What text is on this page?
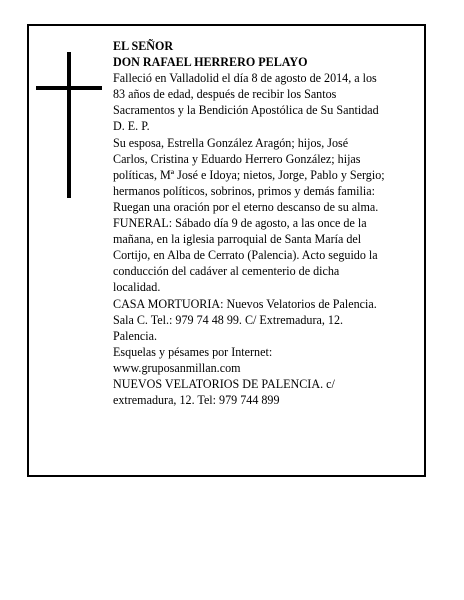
EL SEÑOR
DON RAFAEL HERRERO PELAYO
Falleció en Valladolid el día 8 de agosto de 2014, a los
83 años de edad, después de recibir los Santos
Sacramentos y la Bendición Apostólica de Su Santidad
D. E. P.
Su esposa, Estrella González Aragón; hijos, José
Carlos, Cristina y Eduardo Herrero González; hijas
políticas, Mª José e Idoya; nietos, Jorge, Pablo y Sergio;
hermanos políticos, sobrinos, primos y demás familia:
Ruegan una oración por el eterno descanso de su alma.
FUNERAL: Sábado día 9 de agosto, a las once de la
mañana, en la iglesia parroquial de Santa María del
Cortijo, en Alba de Cerrato (Palencia). Acto seguido la
conducción del cadáver al cementerio de dicha
localidad.
CASA MORTUORIA: Nuevos Velatorios de Palencia.
Sala C. Tel.: 979 74 48 99. C/ Extremadura, 12.
Palencia.
Esquelas y pésames por Internet:
www.gruposanmillan.com
NUEVOS VELATORIOS DE PALENCIA. c/
extremadura, 12. Tel: 979 744 899
